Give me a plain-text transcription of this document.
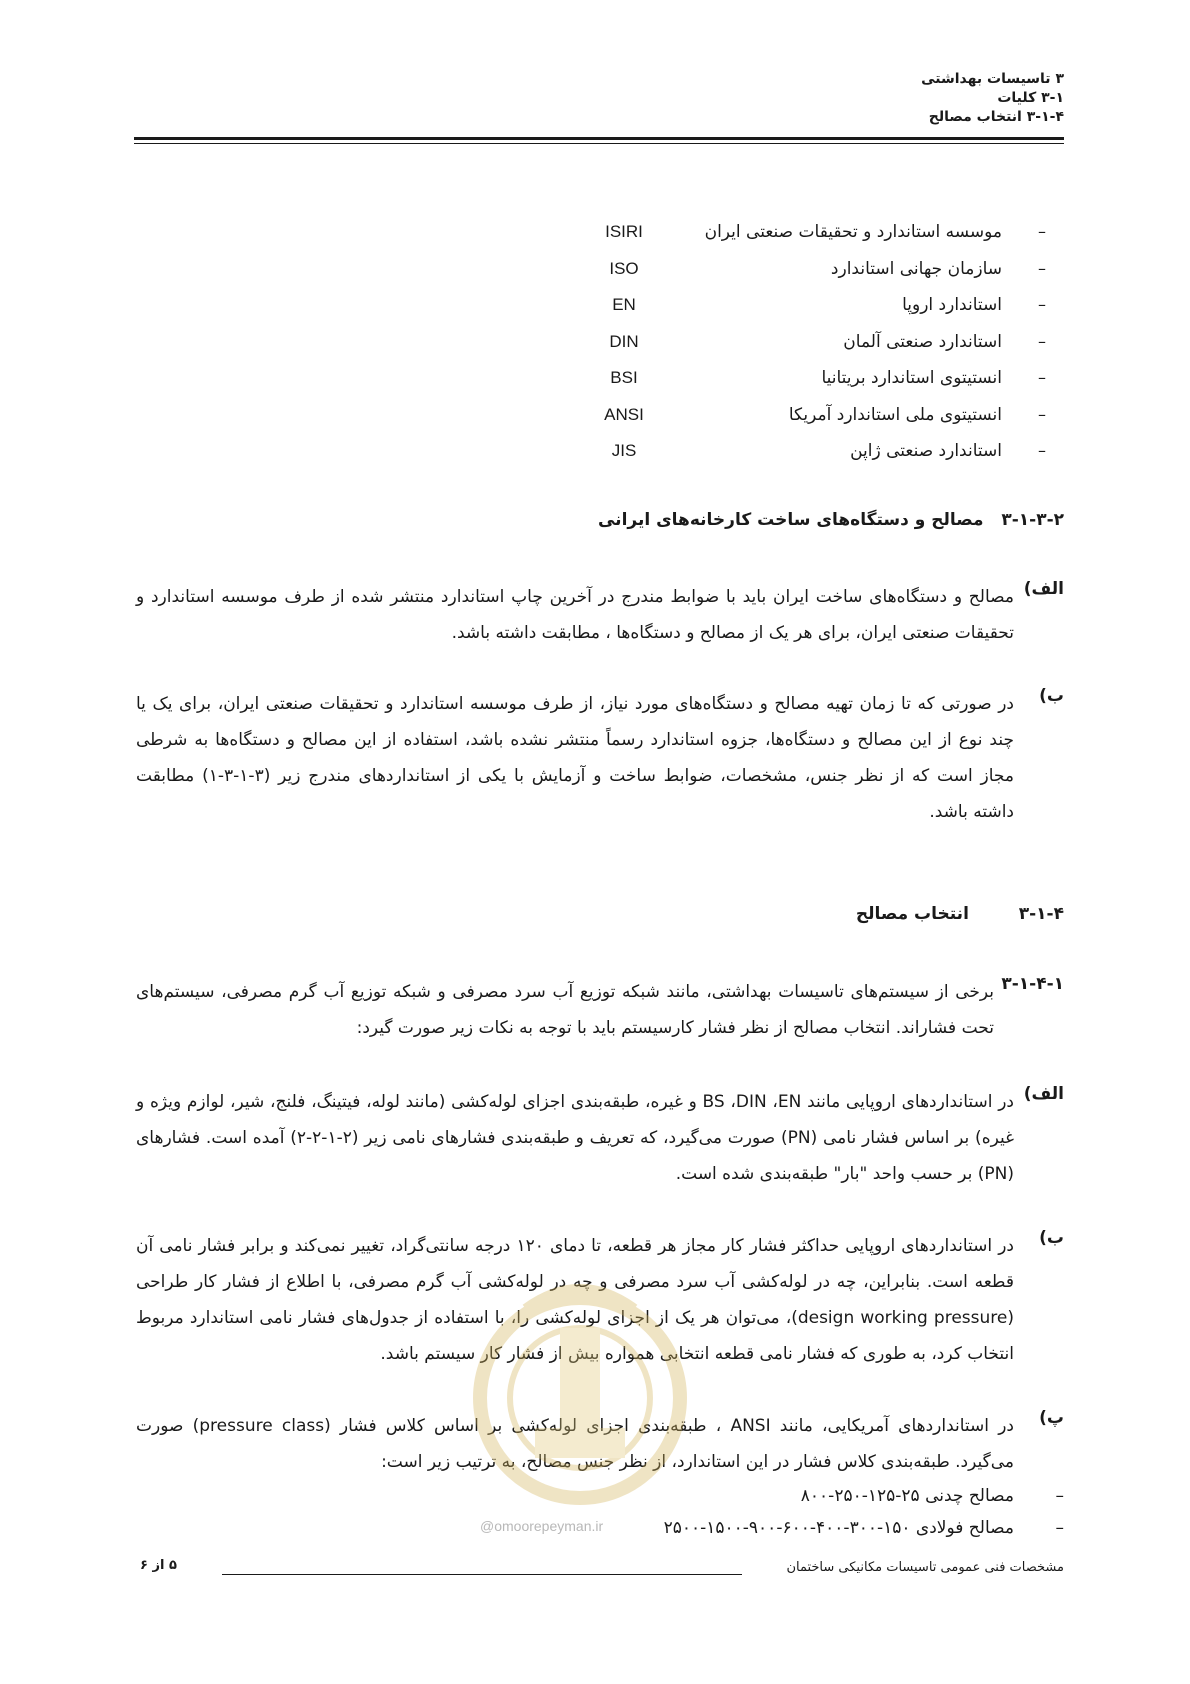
۳ تاسیسات بهداشتی
۳-۱ کلیات
۳-۱-۴ انتخاب مصالح
–
موسسه استاندارد و تحقیقات صنعتی ایران
ISIRI
–
سازمان جهانی استاندارد
ISO
–
استاندارد اروپا
EN
–
استاندارد صنعتی آلمان
DIN
–
انستیتوی استاندارد بریتانیا
BSI
–
انستیتوی ملی استاندارد آمریکا
ANSI
–
استاندارد صنعتی ژاپن
JIS
۳-۱-۳-۲   مصالح و دستگاه‌های ساخت کارخانه‌های ایرانی
الف)
مصالح و دستگاه‌های ساخت ایران باید با ضوابط مندرج در آخرین چاپ استاندارد منتشر شده از طرف موسسه استاندارد و تحقیقات صنعتی ایران، برای هر یک از مصالح و دستگاه‌ها ، مطابقت داشته باشد.
ب)
در صورتی که تا زمان تهیه مصالح و دستگاه‌های مورد نیاز، از طرف موسسه استاندارد و تحقیقات صنعتی ایران، برای یک یا چند نوع از این مصالح و دستگاه‌ها، جزوه استاندارد رسماً منتشر نشده باشد، استفاده از این مصالح و دستگاه‌ها به شرطی مجاز است که از نظر جنس، مشخصات، ضوابط ساخت و آزمایش با یکی از استانداردهای مندرج زیر (۳-۱-۳-۱) مطابقت داشته باشد.
۳-۱-۴  انتخاب مصالح
۳-۱-۴-۱
برخی از سیستم‌های تاسیسات بهداشتی، مانند شبکه توزیع آب سرد مصرفی و شبکه توزیع آب گرم مصرفی، سیستم‌های تحت فشاراند. انتخاب مصالح از نظر فشار کارسیستم باید با توجه به نکات زیر صورت گیرد:
الف)
در استانداردهای اروپایی مانند BS ،DIN ،EN و غیره، طبقه‌بندی اجزای لوله‌کشی (مانند لوله، فیتینگ، فلنج، شیر، لوازم ویژه و غیره) بر اساس فشار نامی (PN) صورت می‌گیرد، که تعریف و طبقه‌بندی فشارهای نامی زیر (۲-۱-۲-۲) آمده است. فشارهای (PN) بر حسب واحد "بار" طبقه‌بندی شده است.
ب)
در استانداردهای اروپایی حداکثر فشار کار مجاز هر قطعه، تا دمای ۱۲۰ درجه سانتی‌گراد، تغییر نمی‌کند و برابر فشار نامی آن قطعه است. بنابراین، چه در لوله‌کشی آب سرد مصرفی و چه در لوله‌کشی آب گرم مصرفی، با اطلاع از فشار کار طراحی (design working pressure)، می‌توان هر یک از اجزای لوله‌کشی را، با استفاده از جدول‌های فشار نامی استاندارد مربوط انتخاب کرد، به طوری که فشار نامی قطعه انتخابی همواره بیش از فشار کار سیستم باشد.
پ)
در استانداردهای آمریکایی، مانند ANSI ، طبقه‌بندی اجزای لوله‌کشی بر اساس کلاس فشار (pressure class) صورت می‌گیرد. طبقه‌بندی کلاس فشار در این استاندارد، از نظر جنس مصالح، به ترتیب زیر است:
–
مصالح چدنی ۲۵-۱۲۵-۲۵۰-۸۰۰
–
مصالح فولادی ۱۵۰-۳۰۰-۴۰۰-۶۰۰-۹۰۰-۱۵۰۰-۲۵۰۰
@omoorepeyman.ir
مشخصات فنی عمومی تاسیسات مکانیکی ساختمان
۵ از ۶
